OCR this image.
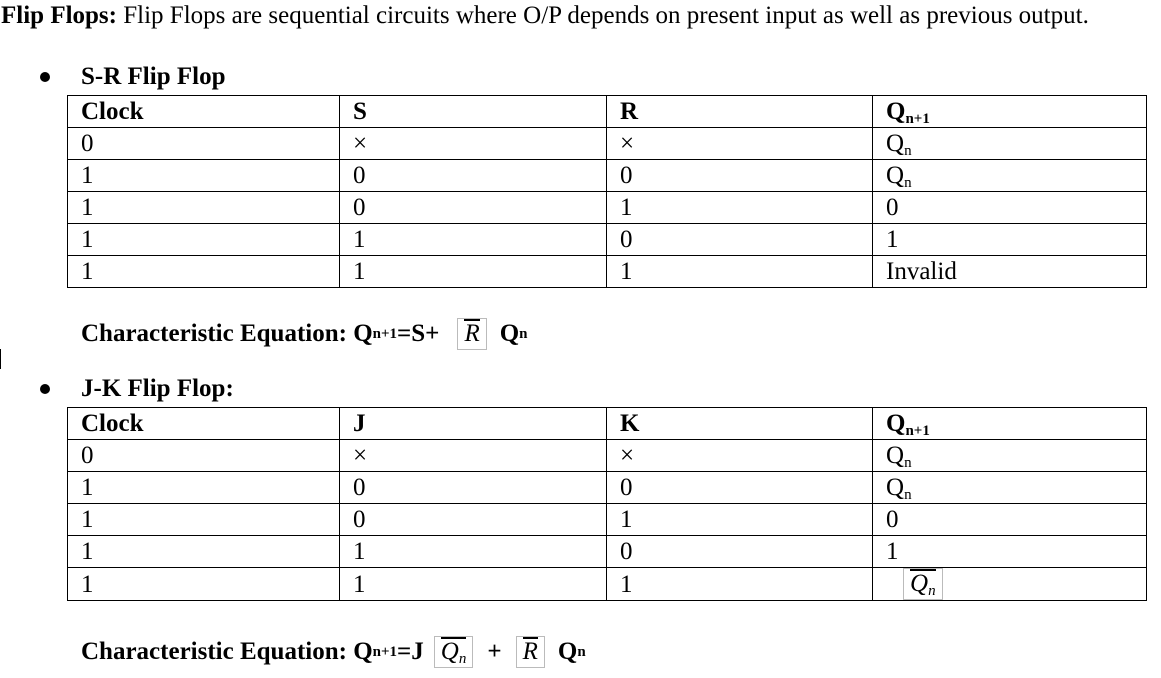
Flip Flops: Flip Flops are sequential circuits where O/P depends on present input as well as previous output.
S-R Flip Flop
Clock	S	R	Qn+1
0	×	×	$Q_n$
1	0	0	$Q_n$
1	0	1	0
1	1	0	1
1	1	1	Invalid
Characteristic Equation: Q n+1 =S+ R Q n
J-K Flip Flop:
Clock	J	K	Qn+1
0	×	×	$Q_n$
1	0	0	$Q_n$
1	0	1	0
1	1	0	1
1	1	1	$Q_n$
Characteristic Equation: Q n+1 =J $Q_n + R$ Q n
